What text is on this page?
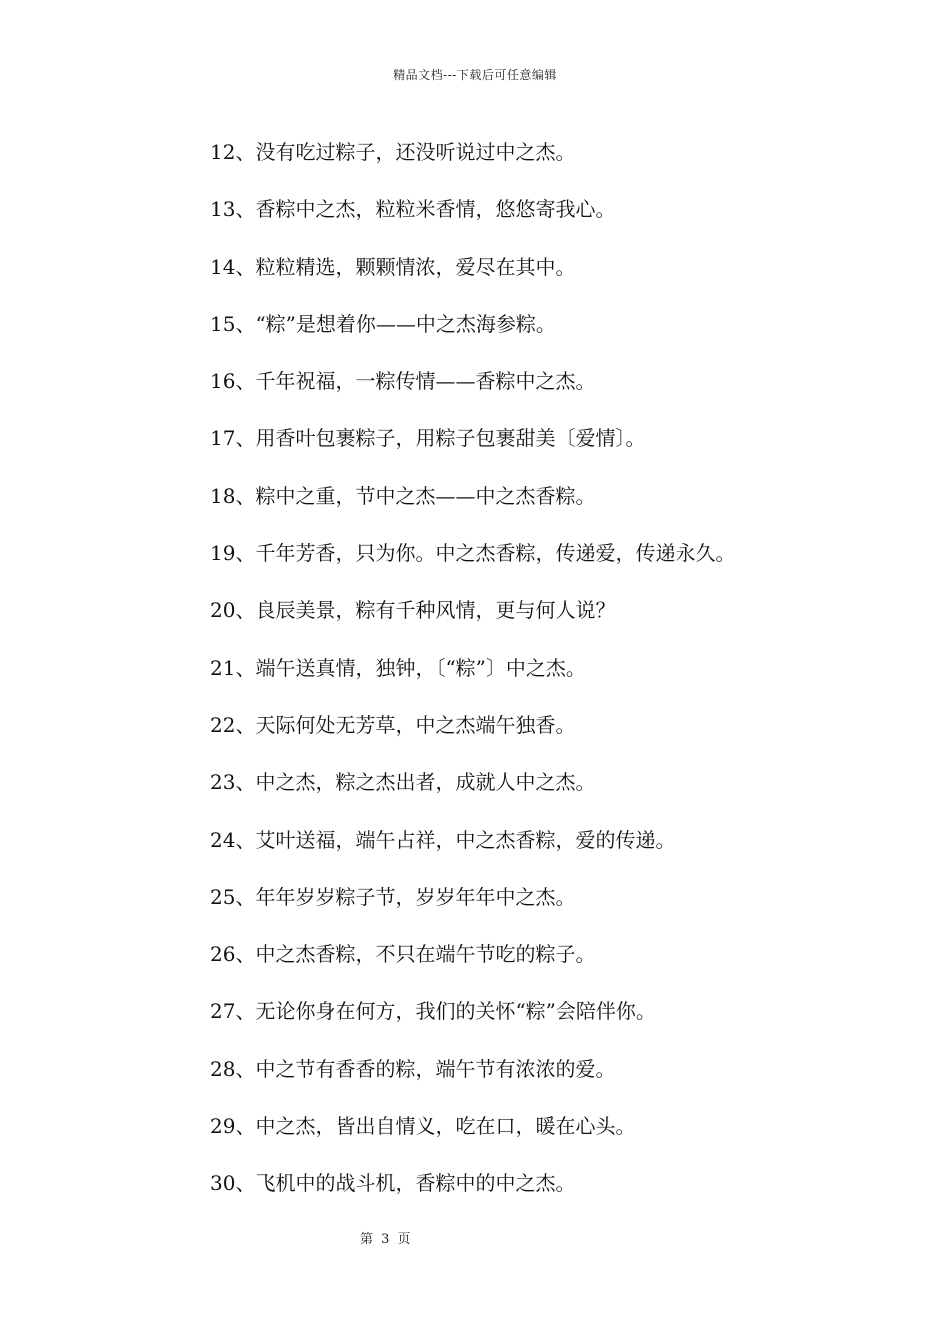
精品文档---下载后可任意编辑
12、没有吃过粽子，还没听说过中之杰。
13、香粽中之杰，粒粒米香情，悠悠寄我心。
14、粒粒精选，颗颗情浓，爱尽在其中。
15、“粽”是想着你——中之杰海参粽。
16、千年祝福，一粽传情——香粽中之杰。
17、用香叶包裹粽子，用粽子包裹甜美〔爱情〕。
18、粽中之重，节中之杰——中之杰香粽。
19、千年芳香，只为你。中之杰香粽，传递爱，传递永久。
20、良辰美景，粽有千种风情，更与何人说？
21、端午送真情，独钟，〔“粽”〕中之杰。
22、天际何处无芳草，中之杰端午独香。
23、中之杰，粽之杰出者，成就人中之杰。
24、艾叶送福，端午占祥，中之杰香粽，爱的传递。
25、年年岁岁粽子节，岁岁年年中之杰。
26、中之杰香粽，不只在端午节吃的粽子。
27、无论你身在何方，我们的关怀“粽”会陪伴你。
28、中之节有香香的粽，端午节有浓浓的爱。
29、中之杰，皆出自情义，吃在口，暖在心头。
30、飞机中的战斗机，香粽中的中之杰。
第 3 页
